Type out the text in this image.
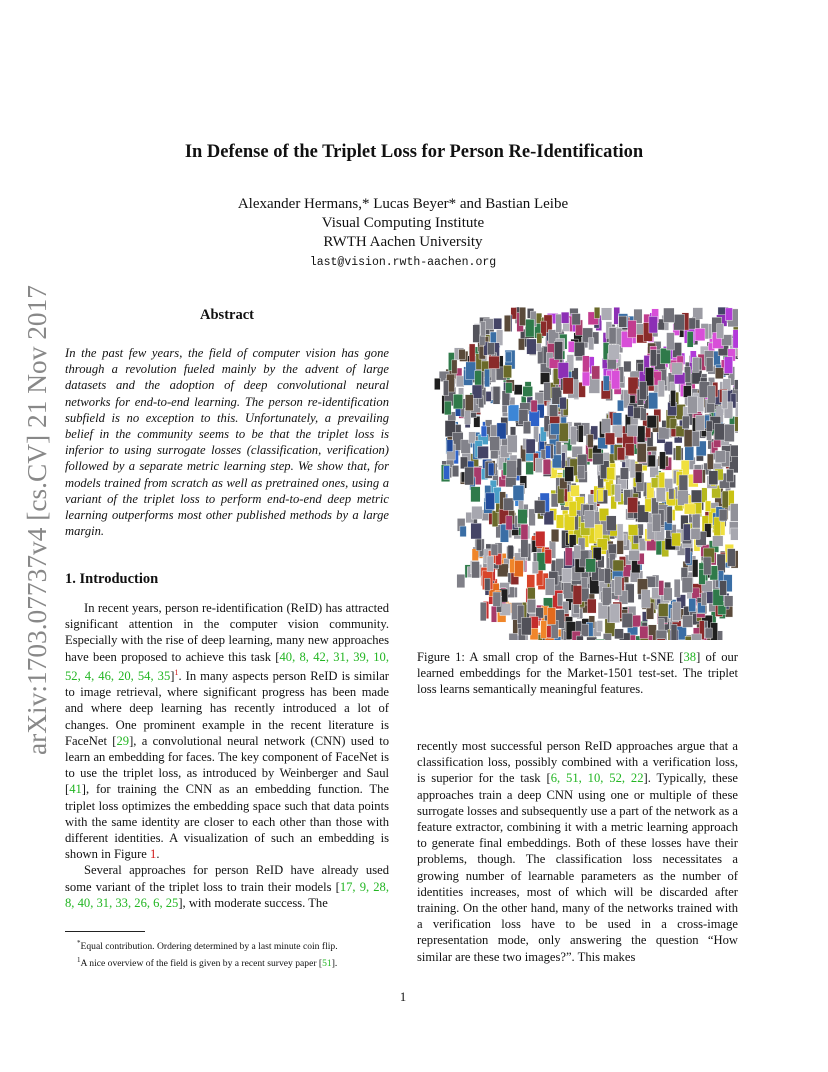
arXiv:1703.07737v4 [cs.CV] 21 Nov 2017
In Defense of the Triplet Loss for Person Re-Identification
Alexander Hermans,* Lucas Beyer* and Bastian Leibe
Visual Computing Institute
RWTH Aachen University
last@vision.rwth-aachen.org
Abstract

In the past few years, the field of computer vision has gone through a revolution fueled mainly by the advent of large datasets and the adoption of deep convolutional neural networks for end-to-end learning. The person re-identification subfield is no exception to this. Unfortunately, a prevailing belief in the community seems to be that the triplet loss is inferior to using surrogate losses (classification, verification) followed by a separate metric learning step. We show that, for models trained from scratch as well as pretrained ones, using a variant of the triplet loss to perform end-to-end deep metric learning outperforms most other published methods by a large margin.

1. Introduction

In recent years, person re-identification (ReID) has attracted significant attention in the computer vision community. Especially with the rise of deep learning, many new approaches have been proposed to achieve this task [40, 8, 42, 31, 39, 10, 52, 4, 46, 20, 54, 35]$^1$. In many aspects person ReID is similar to image retrieval, where significant progress has been made and where deep learning has recently introduced a lot of changes. One prominent example in the recent literature is FaceNet [29], a convolutional neural network (CNN) used to learn an embedding for faces. The key component of FaceNet is to use the triplet loss, as introduced by Weinberger and Saul [41], for training the CNN as an embedding function. The triplet loss optimizes the embedding space such that data points with the same identity are closer to each other than those with different identities. A visualization of such an embedding is shown in Figure 1.

Several approaches for person ReID have already used some variant of the triplet loss to train their models [17, 9, 28, 8, 40, 31, 33, 26, 6, 25], with moderate success. The

*Equal contribution. Ordering determined by a last minute coin flip.
$^1$A nice overview of the field is given by a recent survey paper [51].

Figure 1: A small crop of the Barnes-Hut t-SNE [38] of our learned embeddings for the Market-1501 test-set. The triplet loss learns semantically meaningful features.

recently most successful person ReID approaches argue that a classification loss, possibly combined with a verification loss, is superior for the task [6, 51, 10, 52, 22]. Typically, these approaches train a deep CNN using one or multiple of these surrogate losses and subsequently use a part of the network as a feature extractor, combining it with a metric learning approach to generate final embeddings. Both of these losses have their problems, though. The classification loss necessitates a growing number of learnable parameters as the number of identities increases, most of which will be discarded after training. On the other hand, many of the networks trained with a verification loss have to be used in a cross-image representation mode, only answering the question “How similar are these two images?”. This makes

1
